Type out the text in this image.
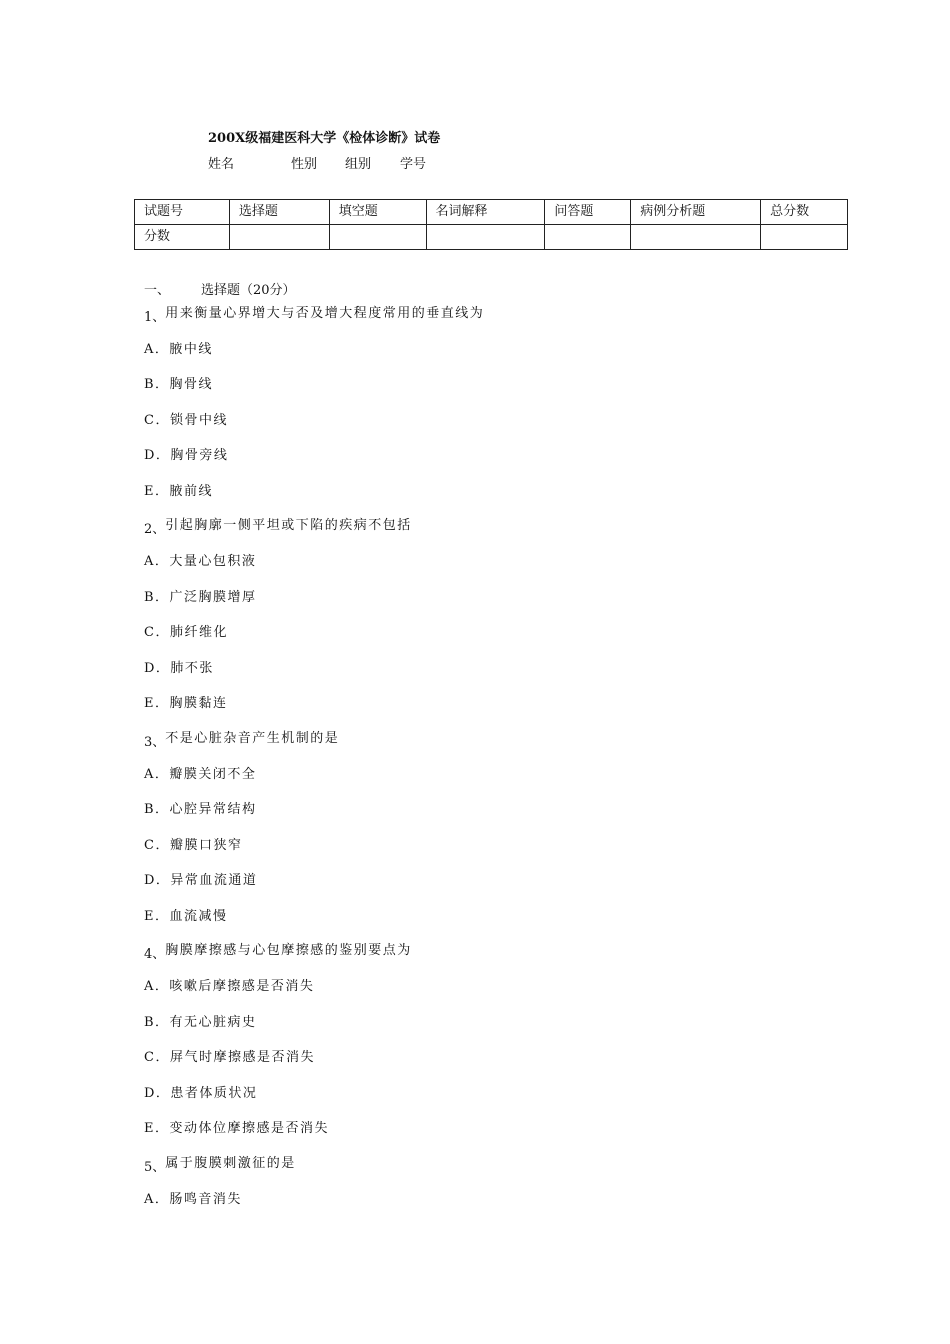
200X级福建医科大学《检体诊断》试卷
姓名	性别 组别 学号
试题号	选择题	填空题	名词解释	问答题	病例分析题	总分数
分数						
一、 选择题（20分）
1、用来衡量心界增大与否及增大程度常用的垂直线为
A．腋中线
B．胸骨线
C．锁骨中线
D．胸骨旁线
E．腋前线
2、引起胸廓一侧平坦或下陷的疾病不包括
A．大量心包积液
B．广泛胸膜增厚
C．肺纤维化
D．肺不张
E．胸膜黏连
3、不是心脏杂音产生机制的是
A．瓣膜关闭不全
B．心腔异常结构
C．瓣膜口狭窄
D．异常血流通道
E．血流减慢
4、胸膜摩擦感与心包摩擦感的鉴别要点为
A．咳嗽后摩擦感是否消失
B．有无心脏病史
C．屏气时摩擦感是否消失
D．患者体质状况
E．变动体位摩擦感是否消失
5、属于腹膜刺激征的是
A．肠鸣音消失
